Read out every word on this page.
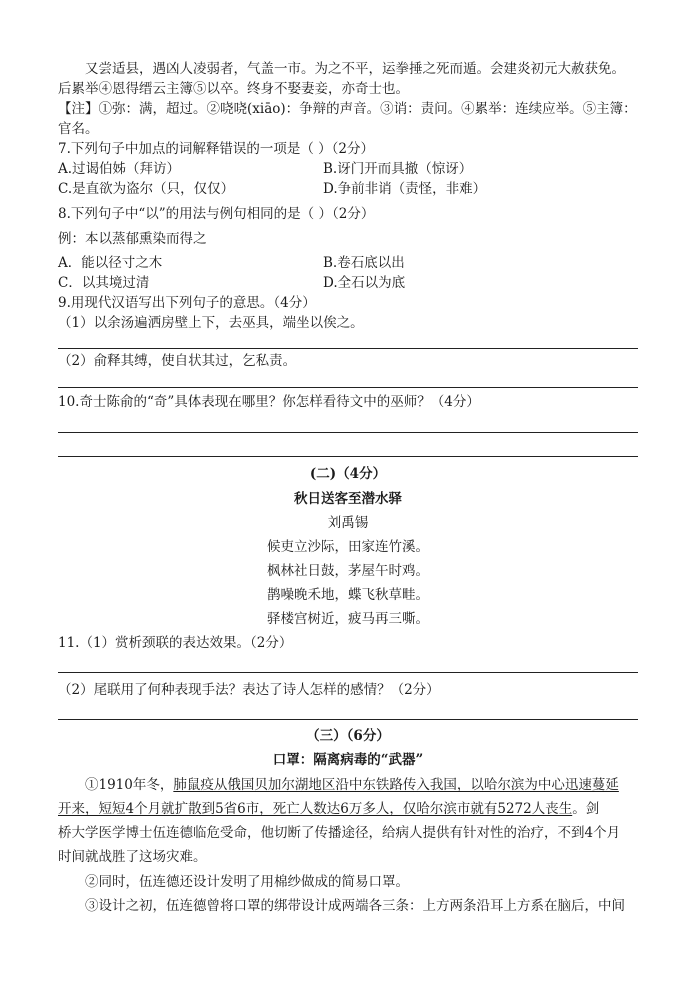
又尝适县，遇凶人凌弱者，气盖一市。为之不平，运拳捶之死而遁。会建炎初元大赦获免。
后累举④恩得缙云主簿⑤以卒。终身不娶妻妾，亦奇士也。
【注】①弥：满，超过。②哓哓(xiāo)：争辩的声音。③诮：责问。④累举：连续应举。⑤主簿：
官名。
7.下列句子中加点的词解释错误的一项是（ ）（2分）
A.过谒伯姊（拜访）	B.讶门开而具撤（惊讶）
C.是直欲为盗尔（只，仅仅）	D.争前非诮（责怪，非难）
8.下列句子中“以”的用法与例句相同的是（ ）（2分）
例：本以蒸郁熏染而得之
A．能以径寸之木	B.卷石底以出
C．以其境过清	D.全石以为底
9.用现代汉语写出下列句子的意思。（4分）
（1）以余汤遍洒房壁上下，去巫具，端坐以俟之。
（2）俞释其缚，使自状其过，乞私责。
10.奇士陈俞的“奇”具体表现在哪里？你怎样看待文中的巫师？（4分）
(二)（4分）
秋日送客至潜水驿
刘禹锡
候吏立沙际，田家连竹溪。
枫林社日鼓，茅屋午时鸡。
鹊噪晚禾地，蝶飞秋草畦。
驿楼宫树近，疲马再三嘶。
11.（1）赏析颈联的表达效果。（2分）
（2）尾联用了何种表现手法？表达了诗人怎样的感情？（2分）
（三）（6分）
口罩：隔离病毒的“武器”
①1910年冬，肺鼠疫从俄国贝加尔湖地区沿中东铁路传入我国，以哈尔滨为中心迅速蔓延
开来，短短4个月就扩散到5省6市，死亡人数达6万多人，仅哈尔滨市就有5272人丧生。剑
桥大学医学博士伍连德临危受命，他切断了传播途径，给病人提供有针对性的治疗，不到4个月
时间就战胜了这场灾难。
②同时，伍连德还设计发明了用棉纱做成的简易口罩。
③设计之初，伍连德曾将口罩的绑带设计成两端各三条：上方两条沿耳上方系在脑后，中间
